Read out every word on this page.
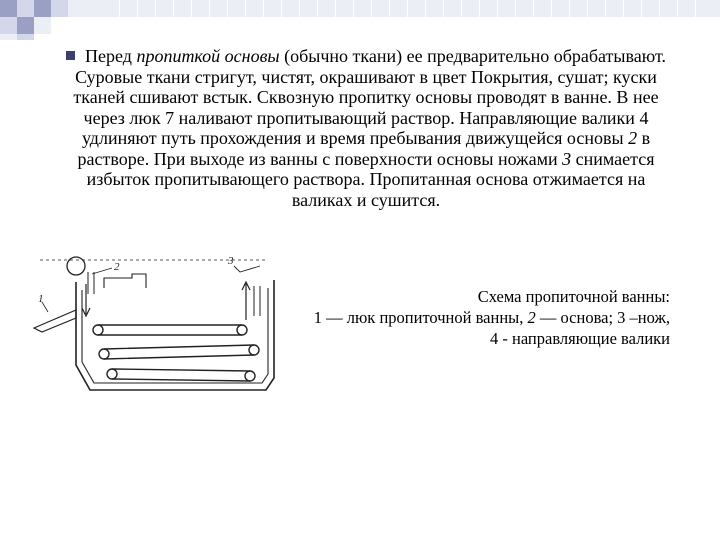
Перед пропиткой основы (обычно ткани) ее предварительно обрабатывают. Суровые ткани стригут, чистят, окрашивают в цвет Покрытия, сушат; куски тканей сшивают встык. Сквозную пропитку основы проводят в ванне. В нее через люк 7 наливают пропитывающий раствор. Направляющие валики 4 удлиняют путь прохождения и время пребывания движущейся основы 2 в растворе. При выходе из ванны с поверхности основы ножами 3 снимается избыток пропитывающего раствора. Пропитанная основа отжимается на валиках и сушится.
1
2	3
Схема пропиточной ванны:
1 — люк пропиточной ванны, 2 — основа; 3 –нож,
4 - направляющие валики
